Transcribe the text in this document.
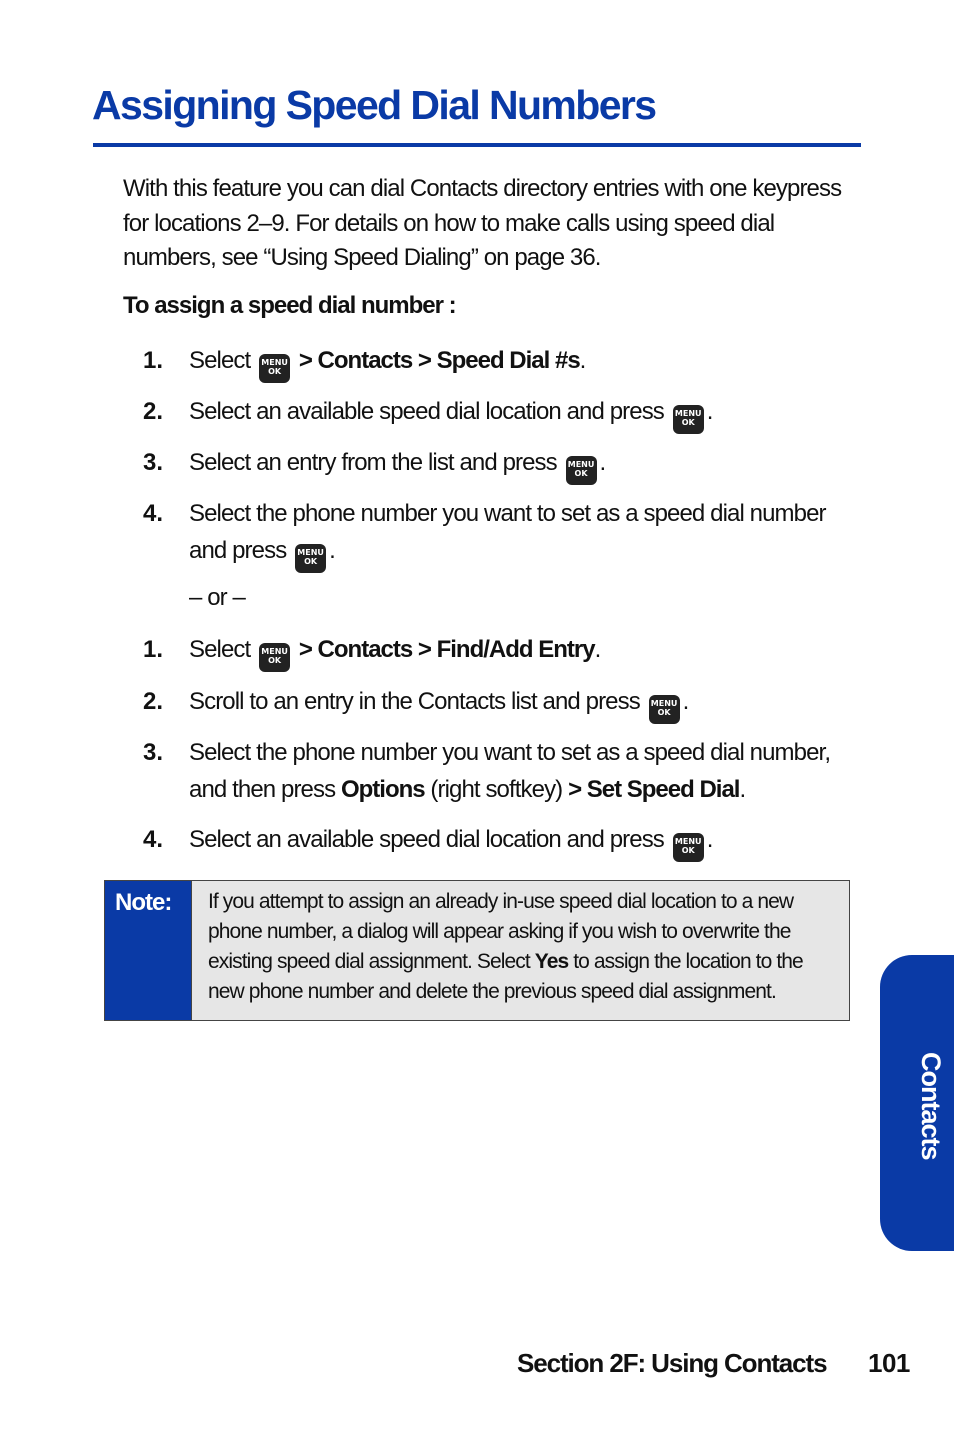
Assigning Speed Dial Numbers

With this feature you can dial Contacts directory entries with one keypress for locations 2–9. For details on how to make calls using speed dial numbers, see “Using Speed Dialing” on page 36.

To assign a speed dial number :

1. Select MENU
OK > Contacts > Speed Dial #s.
2. Select an available speed dial location and press MENU
OK .
3. Select an entry from the list and press MENU
OK .
4. Select the phone number you want to set as a speed dial number and press MENU
OK .
– or –
1. Select MENU
OK > Contacts > Find/Add Entry.
2. Scroll to an entry in the Contacts list and press MENU
OK .
3. Select the phone number you want to set as a speed dial number, and then press Options (right softkey) > Set Speed Dial.
4. Select an available speed dial location and press MENU
OK .
Note:	If you attempt to assign an already in-use speed dial location to a new phone number, a dialog will appear asking if you wish to overwrite the existing speed dial assignment. Select Yes to assign the location to the new phone number and delete the previous speed dial assignment.
Contacts
Section 2F: Using Contacts 101
